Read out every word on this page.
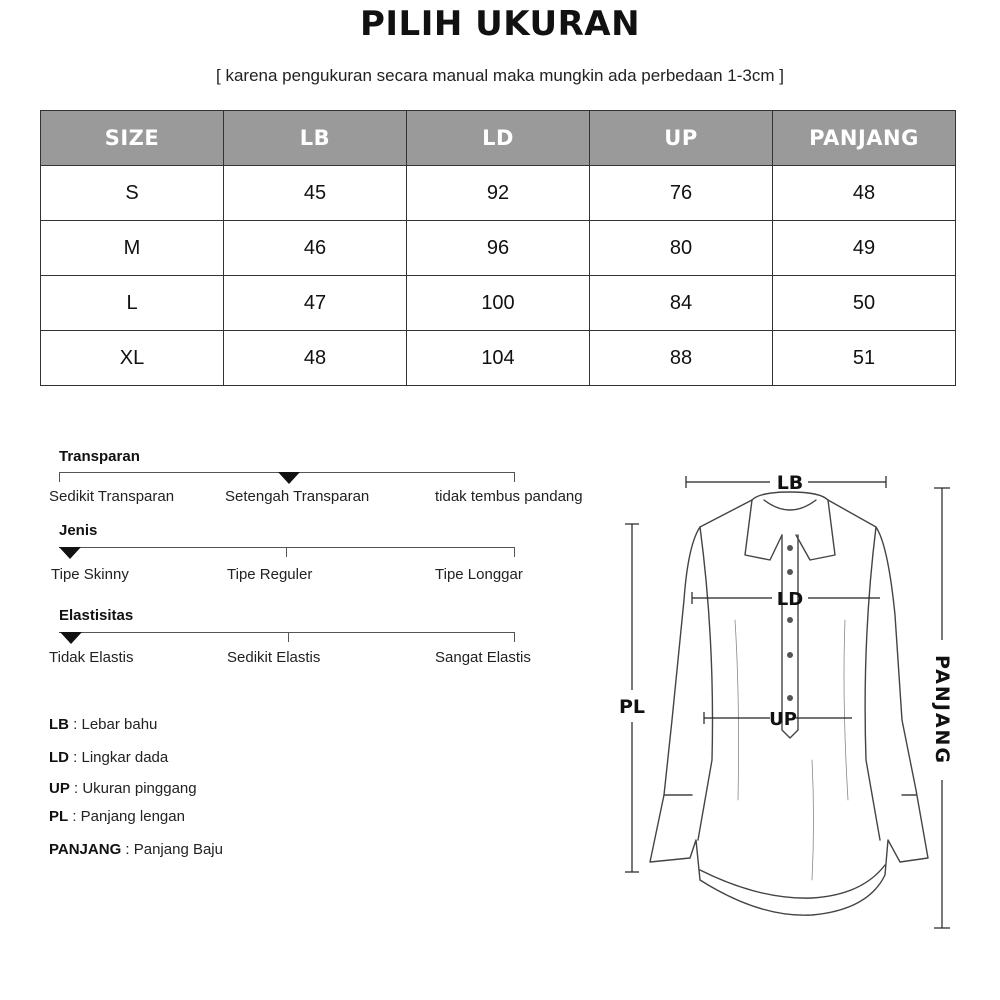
PILIH UKURAN
[ karena pengukuran secara manual maka mungkin ada perbedaan 1-3cm ]
SIZE	LB	LD	UP	PANJANG
S	45	92	76	48
M	46	96	80	49
L	47	100	84	50
XL	48	104	88	51
Transparan
Sedikit Transparan	Setengah Transparan	tidak tembus pandang
Jenis
Tipe Skinny	Tipe Reguler	Tipe Longgar
Elastisitas
Tidak Elastis	Sedikit Elastis	Sangat Elastis
LB : Lebar bahu
LD : Lingkar dada
UP : Ukuran pinggang
PL : Panjang lengan
PANJANG : Panjang Baju
LB
LD
UP
PL	PANJANG
